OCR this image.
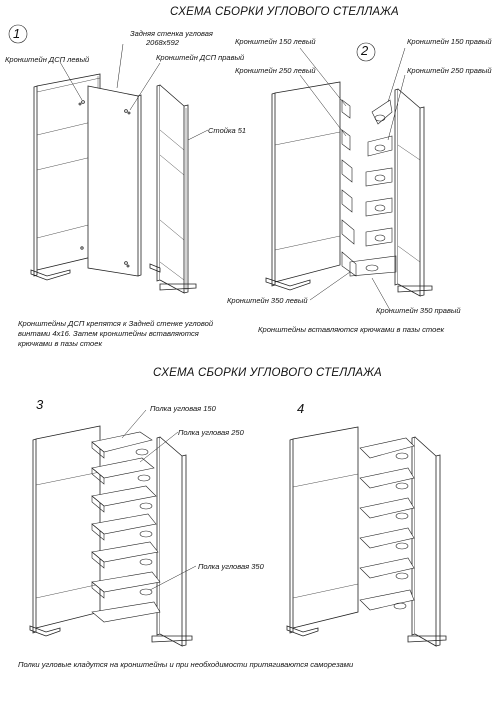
СХЕМА СБОРКИ УГЛОВОГО СТЕЛЛАЖА
1	Задняя стенка угловая
2068х592
Кронштейн ДСП левый	Кронштейн ДСП правый
Стойка 51
Кронштейны ДСП крепятся к Задней стенке угловой
винтами 4х16. Затем кронштейны вставляются
крючками в пазы стоек
2
Кронштейн 150 левый	Кронштейн 150 правый
Кронштейн 250 левый	Кронштейн 250 правый
Кронштейн 350 левый
Кронштейн 350 правый
Кронштейны вставляются крючками в пазы стоек
СХЕМА СБОРКИ УГЛОВОГО СТЕЛЛАЖА
3	Полка угловая 150
Полка угловая 250
Полка угловая 350
4
Полки угловые кладутся на кронштейны и при необходимости притягиваются саморезами
